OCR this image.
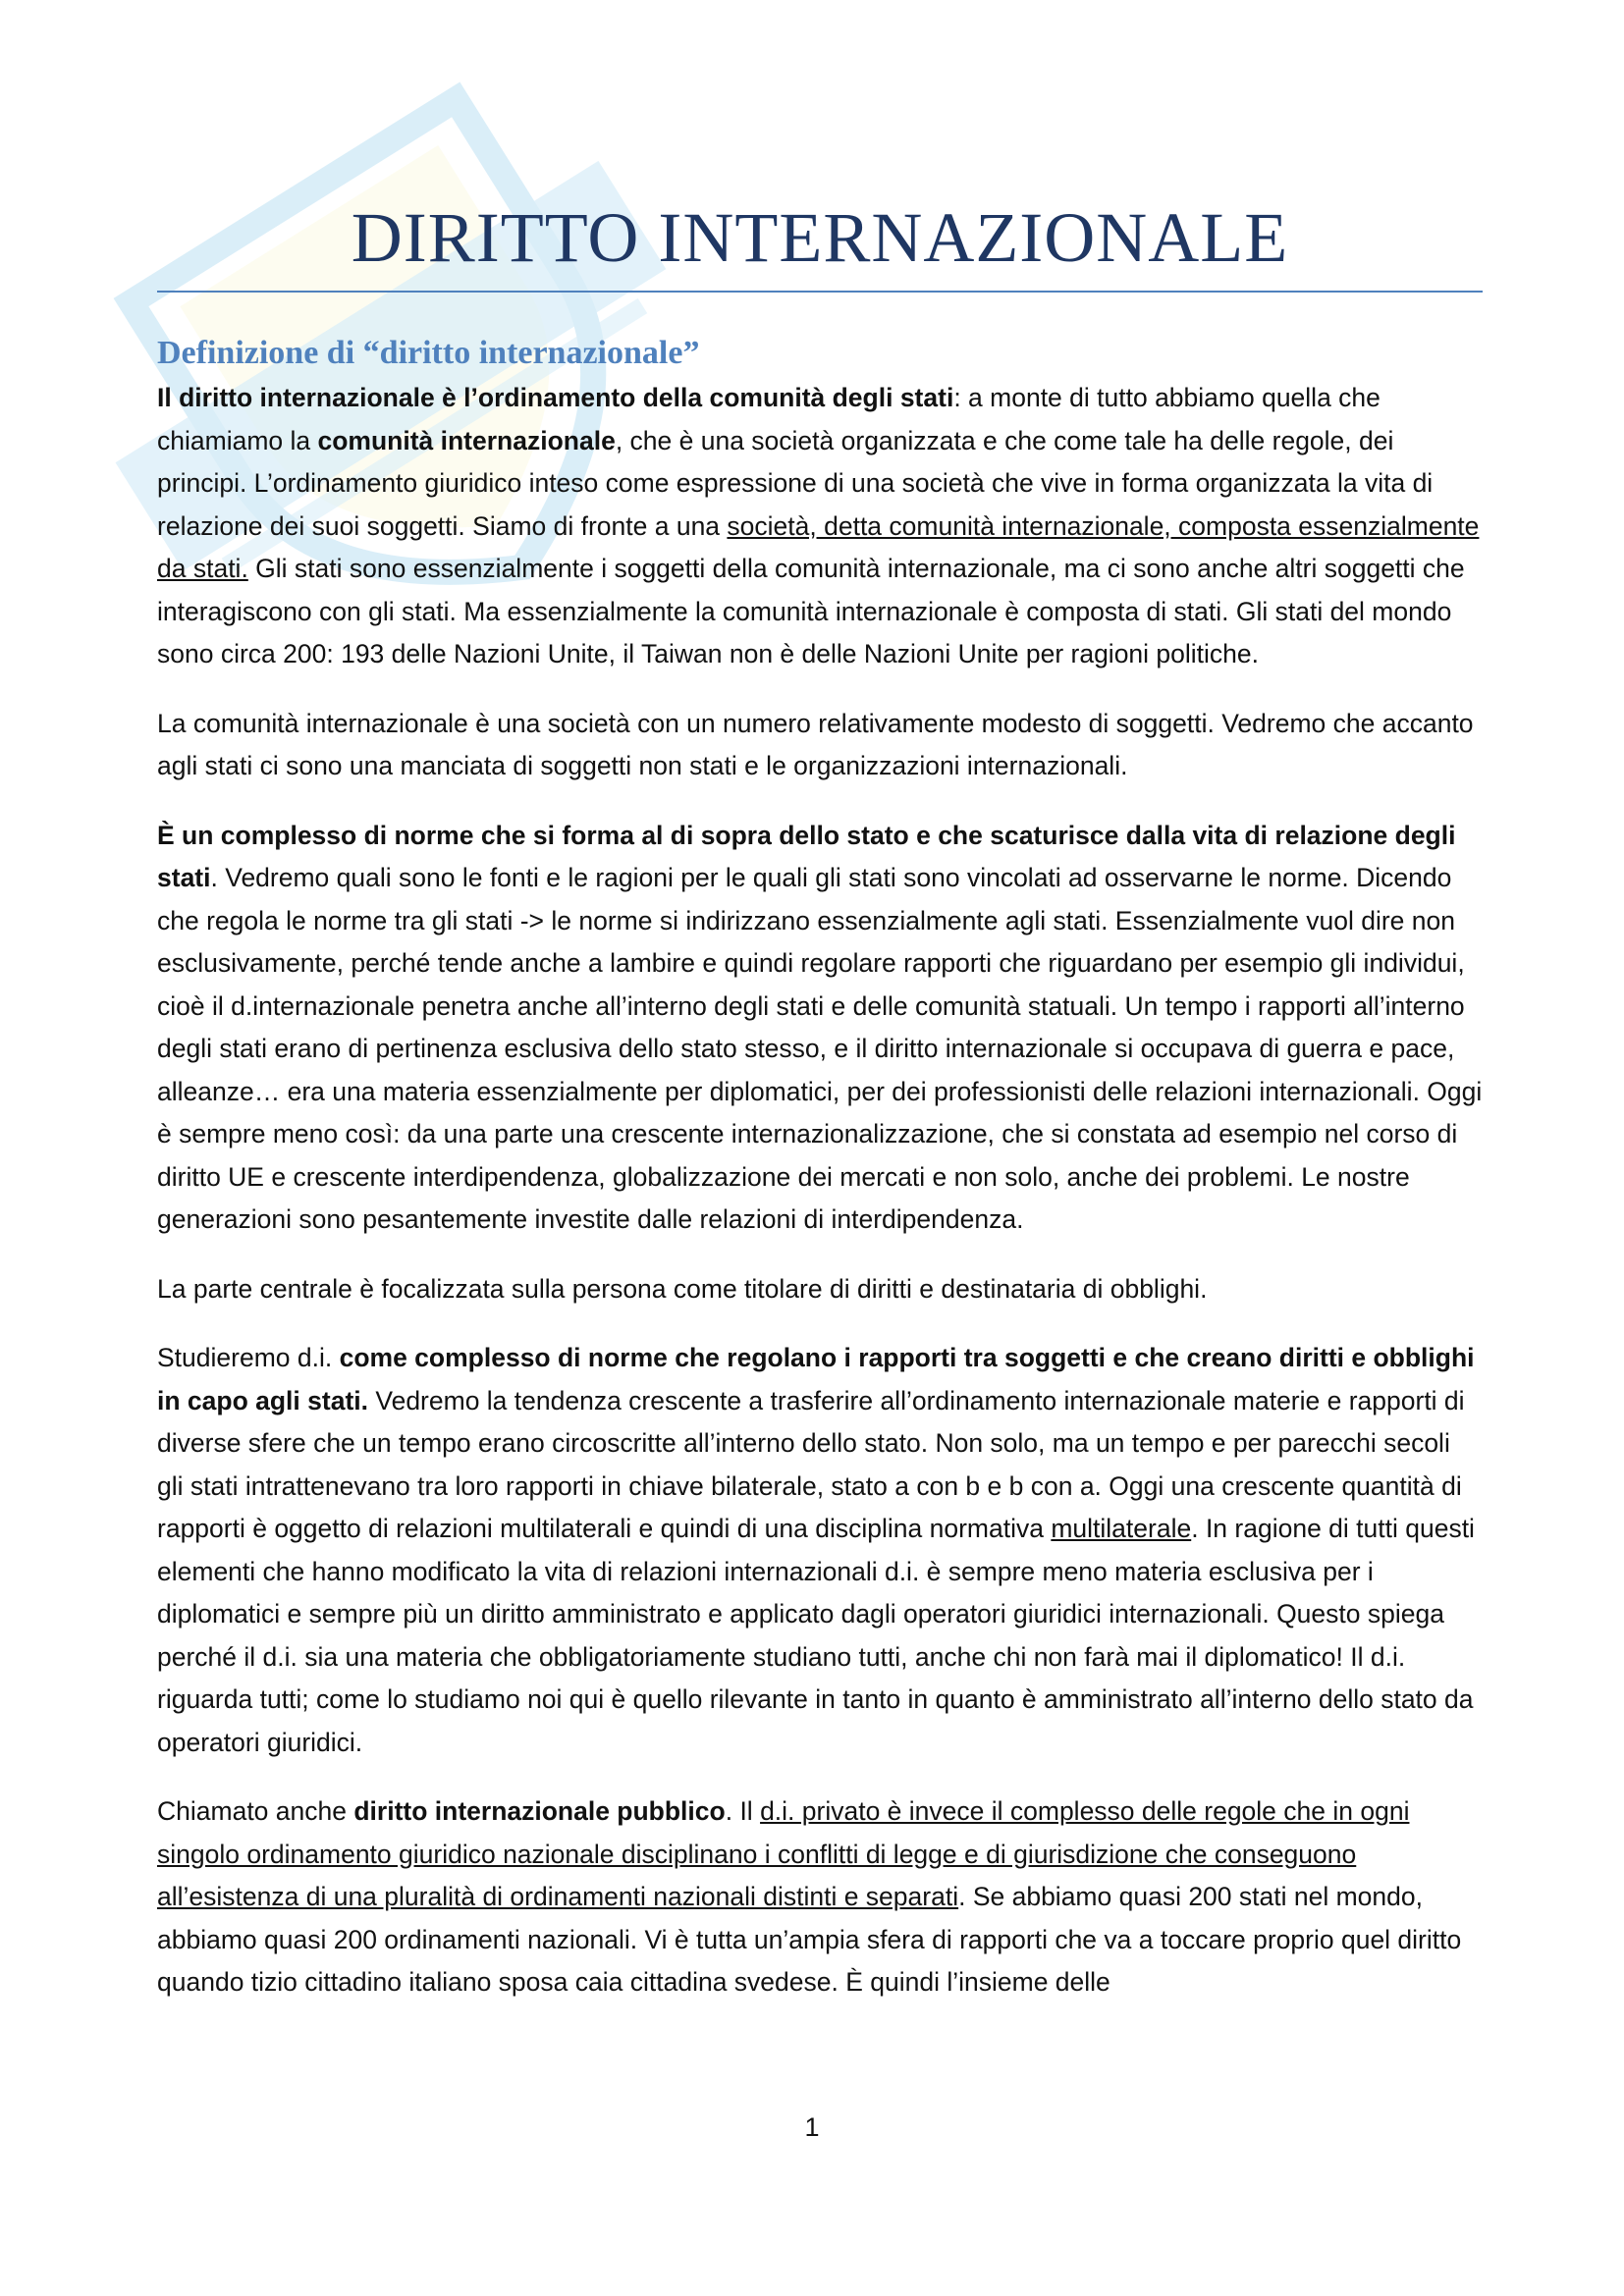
DIRITTO INTERNAZIONALE
Definizione di “diritto internazionale”

Il diritto internazionale è l’ordinamento della comunità degli stati: a monte di tutto abbiamo quella che chiamiamo la comunità internazionale, che è una società organizzata e che come tale ha delle regole, dei principi. L’ordinamento giuridico inteso come espressione di una società che vive in forma organizzata la vita di relazione dei suoi soggetti. Siamo di fronte a una società, detta comunità internazionale, composta essenzialmente da stati. Gli stati sono essenzialmente i soggetti della comunità internazionale, ma ci sono anche altri soggetti che interagiscono con gli stati. Ma essenzialmente la comunità internazionale è composta di stati. Gli stati del mondo sono circa 200: 193 delle Nazioni Unite, il Taiwan non è delle Nazioni Unite per ragioni politiche.

La comunità internazionale è una società con un numero relativamente modesto di soggetti. Vedremo che accanto agli stati ci sono una manciata di soggetti non stati e le organizzazioni internazionali.

È un complesso di norme che si forma al di sopra dello stato e che scaturisce dalla vita di relazione degli stati. Vedremo quali sono le fonti e le ragioni per le quali gli stati sono vincolati ad osservarne le norme. Dicendo che regola le norme tra gli stati -> le norme si indirizzano essenzialmente agli stati. Essenzialmente vuol dire non esclusivamente, perché tende anche a lambire e quindi regolare rapporti che riguardano per esempio gli individui, cioè il d.internazionale penetra anche all’interno degli stati e delle comunità statuali. Un tempo i rapporti all’interno degli stati erano di pertinenza esclusiva dello stato stesso, e il diritto internazionale si occupava di guerra e pace, alleanze… era una materia essenzialmente per diplomatici, per dei professionisti delle relazioni internazionali. Oggi è sempre meno così: da una parte una crescente internazionalizzazione, che si constata ad esempio nel corso di diritto UE e crescente interdipendenza, globalizzazione dei mercati e non solo, anche dei problemi. Le nostre generazioni sono pesantemente investite dalle relazioni di interdipendenza.

La parte centrale è focalizzata sulla persona come titolare di diritti e destinataria di obblighi.

Studieremo d.i. come complesso di norme che regolano i rapporti tra soggetti e che creano diritti e obblighi in capo agli stati. Vedremo la tendenza crescente a trasferire all’ordinamento internazionale materie e rapporti di diverse sfere che un tempo erano circoscritte all’interno dello stato. Non solo, ma un tempo e per parecchi secoli gli stati intrattenevano tra loro rapporti in chiave bilaterale, stato a con b e b con a. Oggi una crescente quantità di rapporti è oggetto di relazioni multilaterali e quindi di una disciplina normativa multilaterale. In ragione di tutti questi elementi che hanno modificato la vita di relazioni internazionali d.i. è sempre meno materia esclusiva per i diplomatici e sempre più un diritto amministrato e applicato dagli operatori giuridici internazionali. Questo spiega perché il d.i. sia una materia che obbligatoriamente studiano tutti, anche chi non farà mai il diplomatico! Il d.i. riguarda tutti; come lo studiamo noi qui è quello rilevante in tanto in quanto è amministrato all’interno dello stato da operatori giuridici.

Chiamato anche diritto internazionale pubblico. Il d.i. privato è invece il complesso delle regole che in ogni singolo ordinamento giuridico nazionale disciplinano i conflitti di legge e di giurisdizione che conseguono all’esistenza di una pluralità di ordinamenti nazionali distinti e separati. Se abbiamo quasi 200 stati nel mondo, abbiamo quasi 200 ordinamenti nazionali. Vi è tutta un’ampia sfera di rapporti che va a toccare proprio quel diritto quando tizio cittadino italiano sposa caia cittadina svedese. È quindi l’insieme delle

1
